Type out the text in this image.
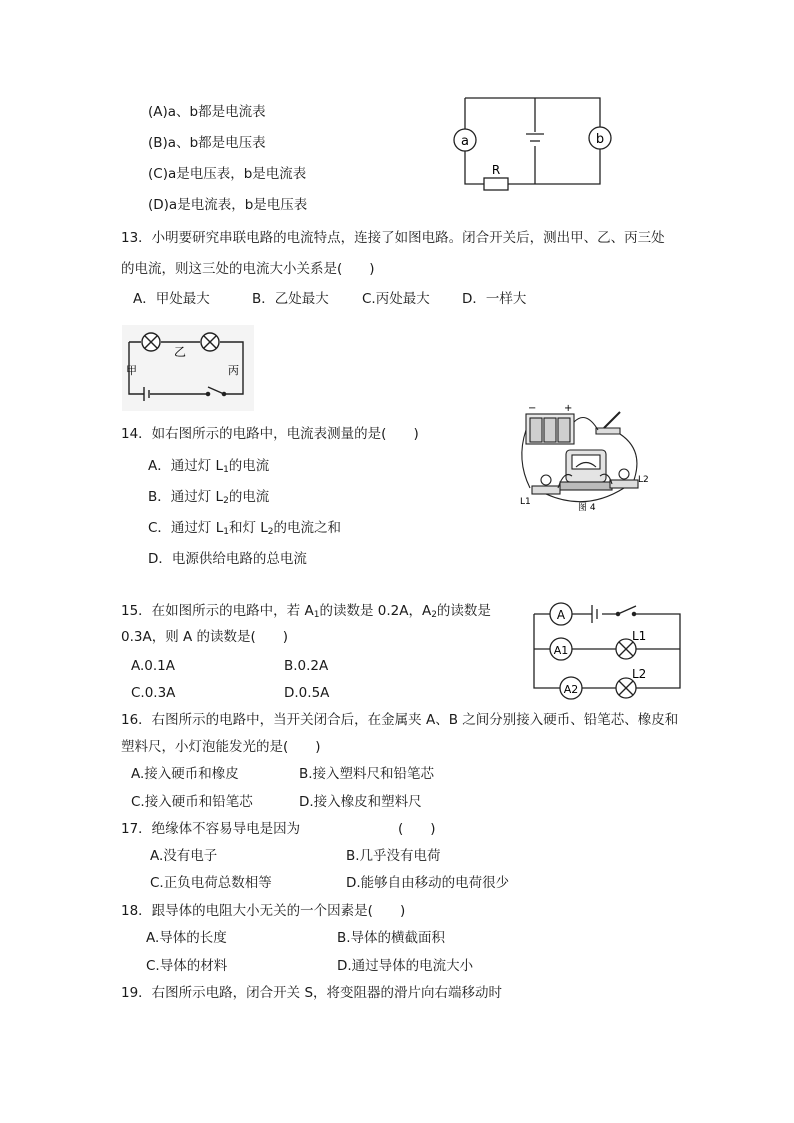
(A)a、b都是电流表
(B)a、b都是电压表
(C)a是电压表，b是电流表
(D)a是电流表，b是电压表
a	b
R
13．小明要研究串联电路的电流特点，连接了如图电路。闭合开关后，测出甲、乙、丙三处
的电流，则这三处的电流大小关系是(　　)
A．甲处最大	B．乙处最大 C.丙处最大 D．一样大
乙
甲	丙
14．如右图所示的电路中，电流表测量的是(　　)
A．通过灯 $L_1$的电流
B．通过灯 $L_2$的电流
C．通过灯 $L_1$和灯 $L_2$的电流之和
D．电源供给电路的总电流
−	+
L1
L2
图 4
15．在如图所示的电路中，若 $A_1$的读数是 0.2A，$A_2$的读数是
0.3A，则 A 的读数是(　　)
A.0.1A	B.0.2A
C.0.3A	D.0.5A
A
A1
A2
L1
L2
16．右图所示的电路中，当开关闭合后，在金属夹 A、B 之间分别接入硬币、铅笔芯、橡皮和
塑料尺，小灯泡能发光的是(　　)
A.接入硬币和橡皮	B.接入塑料尺和铅笔芯
C.接入硬币和铅笔芯	D.接入橡皮和塑料尺
17．绝缘体不容易导电是因为	(　　)
A.没有电子	B.几乎没有电荷
C.正负电荷总数相等	D.能够自由移动的电荷很少
18．跟导体的电阻大小无关的一个因素是(　　)
A.导体的长度	B.导体的横截面积
C.导体的材料	D.通过导体的电流大小
19．右图所示电路，闭合开关 S，将变阻器的滑片向右端移动时
